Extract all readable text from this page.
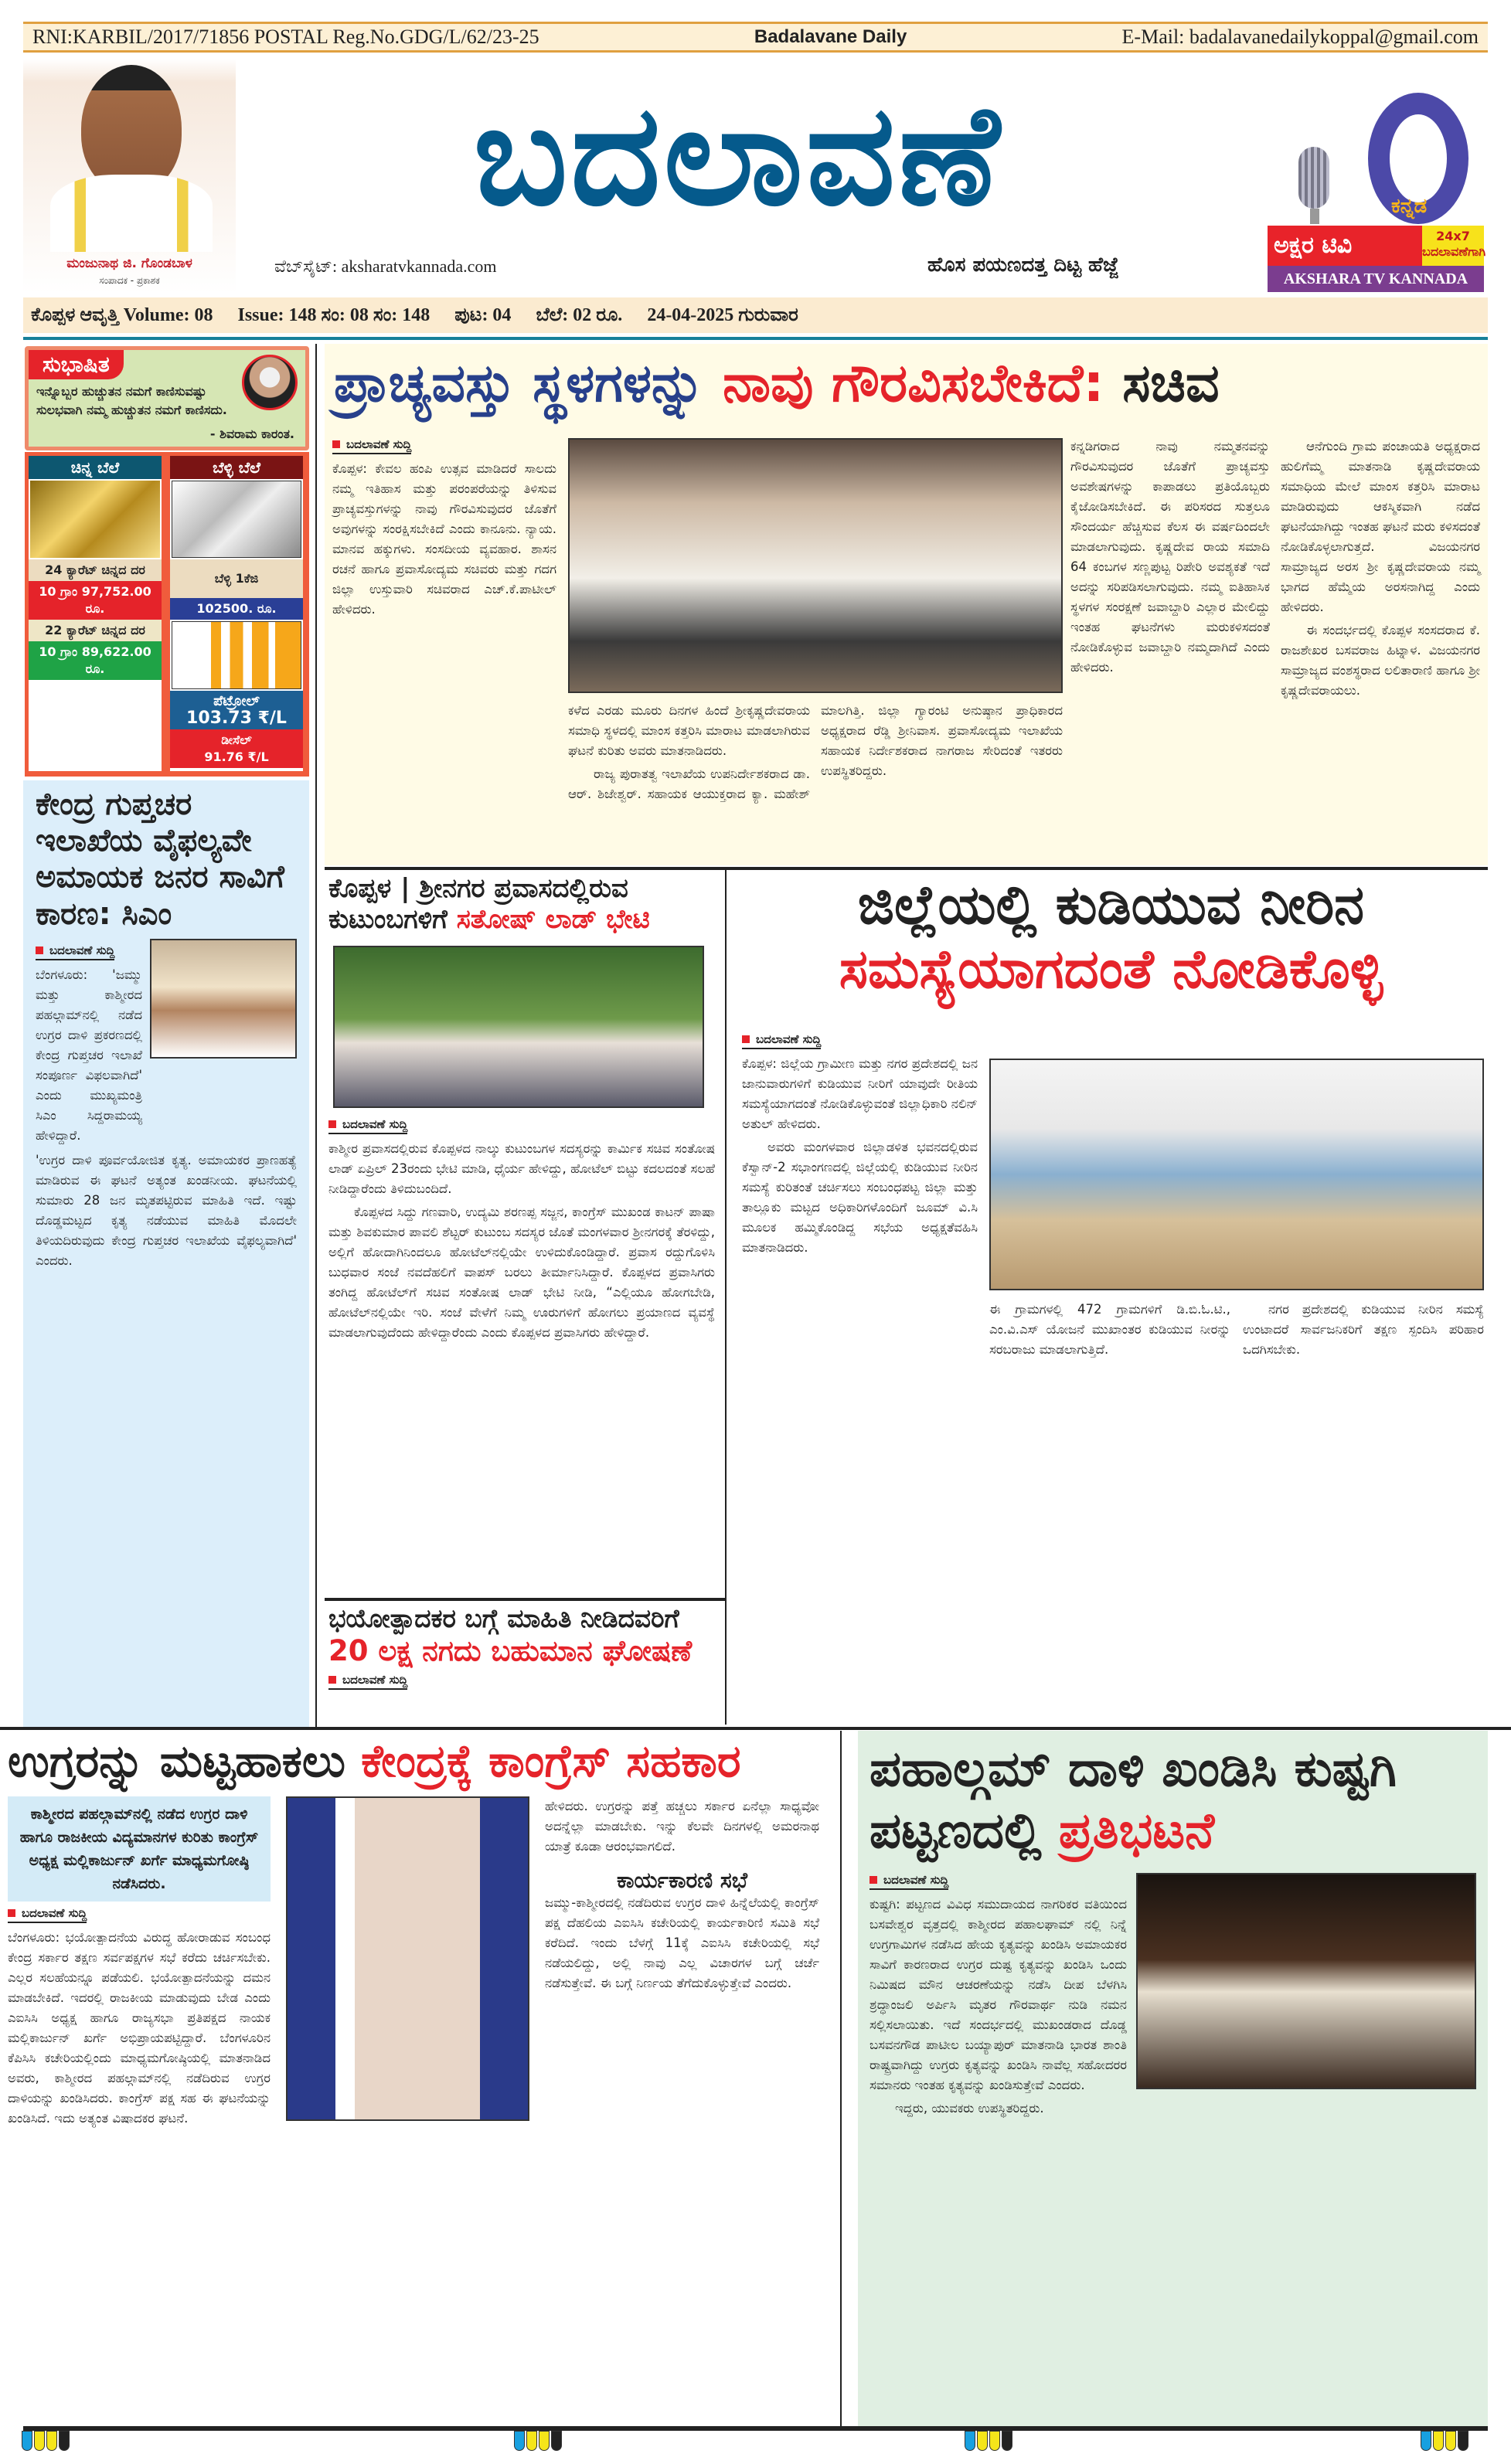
RNI:KARBIL/2017/71856 POSTAL Reg.No.GDG/L/62/23-25	Badalavane Daily	E-Mail: badalavanedailykoppal@gmail.com
ಮಂಜುನಾಥ ಜಿ. ಗೊಂಡಬಾಳ
ಸಂಪಾದಕ - ಪ್ರಕಾಶಕ
ಬದಲಾವಣೆ
ವೆಬ್‌ಸೈಟ್: aksharatvkannada.com	ಹೊಸ ಪಯಣದತ್ತ ದಿಟ್ಟ ಹೆಜ್ಜೆ
ಕನ್ನಡ
ಅಕ್ಷರ ಟಿವಿ	24x7 ಬದಲಾವಣೆಗಾಗಿ
AKSHARA TV KANNADA
ಕೊಪ್ಪಳ ಆವೃತ್ತಿ Volume: 08 Issue: 148 ಸಂ: 08 ಸಂ: 148 ಪುಟ: 04 ಬೆಲೆ: 02 ರೂ. 24-04-2025 ಗುರುವಾರ
ಸುಭಾಷಿತ
ಇನ್ನೊಬ್ಬರ ಹುಚ್ಚುತನ ನಮಗೆ ಕಾಣಿಸುವಷ್ಟು ಸುಲಭವಾಗಿ ನಮ್ಮ ಹುಚ್ಚುತನ ನಮಗೆ ಕಾಣಿಸದು.
- ಶಿವರಾಮ ಕಾರಂತ.
ಚಿನ್ನ ಬೆಲೆ
24 ಕ್ಯಾರೆಟ್ ಚಿನ್ನದ ದರ
10 ಗ್ರಾಂ 97,752.00 ರೂ.
22 ಕ್ಯಾರೆಟ್ ಚಿನ್ನದ ದರ
10 ಗ್ರಾಂ 89,622.00 ರೂ.
ಬೆಳ್ಳಿ ಬೆಲೆ
ಬೆಳ್ಳಿ 1ಕೆಜಿ
102500. ರೂ.
ಪೆಟ್ರೋಲ್
103.73 ₹/L
ಡೀಸೆಲ್
91.76 ₹/L
ಕೇಂದ್ರ ಗುಪ್ತಚರ ಇಲಾಖೆಯ ವೈಫಲ್ಯವೇ ಅಮಾಯಕ ಜನರ ಸಾವಿಗೆ ಕಾರಣ: ಸಿಎಂ
ಬದಲಾವಣೆ ಸುದ್ದಿ

ಬೆಂಗಳೂರು: 'ಜಮ್ಮು ಮತ್ತು ಕಾಶ್ಮೀರದ ಪಹಲ್ಗಾಮ್‌ನಲ್ಲಿ ನಡೆದ ಉಗ್ರರ ದಾಳಿ ಪ್ರಕರಣದಲ್ಲಿ ಕೇಂದ್ರ ಗುಪ್ತಚರ ಇಲಾಖೆ ಸಂಪೂರ್ಣ ವಿಫಲವಾಗಿದೆ' ಎಂದು ಮುಖ್ಯಮಂತ್ರಿ ಸಿಎಂ ಸಿದ್ದರಾಮಯ್ಯ ಹೇಳಿದ್ದಾರೆ.

'ಉಗ್ರರ ದಾಳಿ ಪೂರ್ವಯೋಜಿತ ಕೃತ್ಯ. ಅಮಾಯಕರ ಪ್ರಾಣಹತ್ಯೆ ಮಾಡಿರುವ ಈ ಘಟನೆ ಅತ್ಯಂತ ಖಂಡನೀಯ. ಘಟನೆಯಲ್ಲಿ ಸುಮಾರು 28 ಜನ ಮೃತಪಟ್ಟಿರುವ ಮಾಹಿತಿ ಇದೆ. ಇಷ್ಟು ದೊಡ್ಡಮಟ್ಟದ ಕೃತ್ಯ ನಡೆಯುವ ಮಾಹಿತಿ ಮೊದಲೇ ತಿಳಿಯದಿರುವುದು ಕೇಂದ್ರ ಗುಪ್ತಚರ ಇಲಾಖೆಯ ವೈಫಲ್ಯವಾಗಿದೆ' ಎಂದರು.

ಪ್ರಾಚ್ಯವಸ್ತು ಸ್ಥಳಗಳನ್ನು ನಾವು ಗೌರವಿಸಬೇಕಿದೆ: ಸಚಿವ
ಬದಲಾವಣೆ ಸುದ್ದಿ

ಕೊಪ್ಪಳ: ಕೇವಲ ಹಂಪಿ ಉತ್ಸವ ಮಾಡಿದರೆ ಸಾಲದು ನಮ್ಮ ಇತಿಹಾಸ ಮತ್ತು ಪರಂಪರೆಯನ್ನು ತಿಳಿಸುವ ಪ್ರಾಚ್ಯವಸ್ತುಗಳನ್ನು ನಾವು ಗೌರವಿಸುವುದರ ಜೊತೆಗೆ ಅವುಗಳನ್ನು ಸಂರಕ್ಷಿಸಬೇಕಿದೆ ಎಂದು ಕಾನೂನು. ನ್ಯಾಯ. ಮಾನವ ಹಕ್ಕುಗಳು. ಸಂಸದೀಯ ವ್ಯವಹಾರ. ಶಾಸನ ರಚನೆ ಹಾಗೂ ಪ್ರವಾಸೋದ್ಯಮ ಸಚಿವರು ಮತ್ತು ಗದಗ ಜಿಲ್ಲಾ ಉಸ್ತುವಾರಿ ಸಚಿವರಾದ ಎಚ್.ಕೆ.ಪಾಟೀಲ್ ಹೇಳಿದರು.

ಕಳೆದ ಎರಡು ಮೂರು ದಿನಗಳ ಹಿಂದೆ ಶ್ರೀಕೃಷ್ಣದೇವರಾಯ ಸಮಾಧಿ ಸ್ಥಳದಲ್ಲಿ ಮಾಂಸ ಕತ್ತರಿಸಿ ಮಾರಾಟ ಮಾಡಲಾಗಿರುವ ಘಟನೆ ಕುರಿತು ಅವರು ಮಾತನಾಡಿದರು.

ರಾಜ್ಯ ಪುರಾತತ್ವ ಇಲಾಖೆಯ ಉಪನಿರ್ದೇಶಕರಾದ ಡಾ. ಆರ್. ಶಿಜೇಶ್ವರ್. ಸಹಾಯಕ ಆಯುಕ್ತರಾದ ಕ್ಯಾ. ಮಹೇಶ್ ಮಾಲಗಿತ್ತಿ. ಜಿಲ್ಲಾ ಗ್ಯಾರಂಟಿ ಅನುಷ್ಠಾನ ಪ್ರಾಧಿಕಾರದ ಅಧ್ಯಕ್ಷರಾದ ರೆಡ್ಡಿ ಶ್ರೀನಿವಾಸ. ಪ್ರವಾಸೋದ್ಯಮ ಇಲಾಖೆಯ ಸಹಾಯಕ ನಿರ್ದೇಶಕರಾದ ನಾಗರಾಜ ಸೇರಿದಂತೆ ಇತರರು ಉಪಸ್ಥಿತರಿದ್ದರು.

ಕನ್ನಡಿಗರಾದ ನಾವು ನಮ್ಮತನವನ್ನು ಗೌರವಿಸುವುದರ ಜೊತೆಗೆ ಪ್ರಾಚ್ಯವಸ್ತು ಅವಶೇಷಗಳನ್ನು ಕಾಪಾಡಲು ಪ್ರತಿಯೊಬ್ಬರು ಕೈಜೋಡಿಸಬೇಕಿದೆ. ಈ ಪರಿಸರದ ಸುತ್ತಲೂ ಸೌಂದರ್ಯ ಹೆಚ್ಚಿಸುವ ಕೆಲಸ ಈ ವರ್ಷದಿಂದಲೇ ಮಾಡಲಾಗುವುದು. ಕೃಷ್ಣದೇವ ರಾಯ ಸಮಾದಿ 64 ಕಂಬಗಳ ಸಣ್ಣಪುಟ್ಟ ರಿಪೇರಿ ಅವಶ್ಯಕತೆ ಇದೆ ಅದನ್ನು ಸರಿಪಡಿಸಲಾಗುವುದು. ನಮ್ಮ ಐತಿಹಾಸಿಕ ಸ್ಥಳಗಳ ಸಂರಕ್ಷಣೆ ಜವಾಬ್ದಾರಿ ಎಲ್ಲಾರ ಮೇಲಿದ್ದು ಇಂತಹ ಘಟನೆಗಳು ಮರುಕಳಿಸದಂತೆ ನೋಡಿಕೊಳ್ಳುವ ಜವಾಬ್ದಾರಿ ನಮ್ಮದಾಗಿದೆ ಎಂದು ಹೇಳಿದರು.

ಆನೆಗುಂದಿ ಗ್ರಾಮ ಪಂಚಾಯತಿ ಅಧ್ಯಕ್ಷರಾದ ಹುಲಿಗೆಮ್ಮ ಮಾತನಾಡಿ ಕೃಷ್ಣದೇವರಾಯ ಸಮಾಧಿಯ ಮೇಲೆ ಮಾಂಸ ಕತ್ತರಿಸಿ ಮಾರಾಟ ಮಾಡಿರುವುದು ಆಕಸ್ಮಿಕವಾಗಿ ನಡೆದ ಘಟನೆಯಾಗಿದ್ದು ಇಂತಹ ಘಟನೆ ಮರು ಕಳಿಸದಂತೆ ನೋಡಿಕೊಳ್ಳಲಾಗುತ್ತದೆ. ವಿಜಯನಗರ ಸಾಮ್ರಾಜ್ಯದ ಅರಸ ಶ್ರೀ ಕೃಷ್ಣದೇವರಾಯ ನಮ್ಮ ಭಾಗದ ಹೆಮ್ಮೆಯ ಅರಸನಾಗಿದ್ದ ಎಂದು ಹೇಳಿದರು.

ಈ ಸಂದರ್ಭದಲ್ಲಿ ಕೊಪ್ಪಳ ಸಂಸದರಾದ ಕೆ. ರಾಜಶೇಖರ ಬಸವರಾಜ ಹಿಟ್ನಾಳ. ವಿಜಯನಗರ ಸಾಮ್ರಾಜ್ಯದ ವಂಶಸ್ಥರಾದ ಲಲಿತಾರಾಣಿ ಹಾಗೂ ಶ್ರೀ ಕೃಷ್ಣದೇವರಾಯಲು.

ಕೊಪ್ಪಳ | ಶ್ರೀನಗರ ಪ್ರವಾಸದಲ್ಲಿರುವ ಕುಟುಂಬಗಳಿಗೆ ಸತೋಷ್ ಲಾಡ್ ಭೇಟಿ
ಬದಲಾವಣೆ ಸುದ್ದಿ

ಕಾಶ್ಮೀರ ಪ್ರವಾಸದಲ್ಲಿರುವ ಕೊಪ್ಪಳದ ನಾಲ್ಕು ಕುಟುಂಬಗಳ ಸದಸ್ಯರನ್ನು ಕಾರ್ಮಿಕ ಸಚಿವ ಸಂತೋಷ ಲಾಡ್ ಏಪ್ರಿಲ್ 23ರಂದು ಭೇಟಿ ಮಾಡಿ, ಧೈರ್ಯ ಹೇಳಿದ್ದು, ಹೋಟೆಲ್ ಬಿಟ್ಟು ಕದಲದಂತೆ ಸಲಹೆ ನೀಡಿದ್ದಾರೆಂದು ತಿಳಿದುಬಂದಿದೆ.

ಕೊಪ್ಪಳದ ಸಿದ್ದು ಗಣವಾರಿ, ಉದ್ಯಮಿ ಶರಣಪ್ಪ ಸಜ್ಜನ, ಕಾಂಗ್ರೆಸ್ ಮುಖಂಡ ಕಾಟನ್ ಪಾಷಾ ಮತ್ತು ಶಿವಕುಮಾರ ಪಾವಲಿ ಶೆಟ್ಟರ್ ಕುಟುಂಬ ಸದಸ್ಯರ ಜೊತೆ ಮಂಗಳವಾರ ಶ್ರೀನಗರಕ್ಕೆ ತೆರಳಿದ್ದು, ಅಲ್ಲಿಗೆ ಹೋದಾಗಿನಿಂದಲೂ ಹೋಟೆಲ್‌ನಲ್ಲಿಯೇ ಉಳಿದುಕೊಂಡಿದ್ದಾರೆ. ಪ್ರವಾಸ ರದ್ದುಗೊಳಿಸಿ ಬುಧವಾರ ಸಂಜೆ ನವದೆಹಲಿಗೆ ವಾಪಸ್ ಬರಲು ತೀರ್ಮಾನಿಸಿದ್ದಾರೆ. ಕೊಪ್ಪಳದ ಪ್ರವಾಸಿಗರು ತಂಗಿದ್ದ ಹೋಟೆಲ್‌ಗೆ ಸಚಿವ ಸಂತೋಷ ಲಾಡ್ ಭೇಟಿ ನೀಡಿ, “ಎಲ್ಲಿಯೂ ಹೋಗಬೇಡಿ, ಹೋಟೆಲ್‌ನಲ್ಲಿಯೇ ಇರಿ. ಸಂಜೆ ವೇಳೆಗೆ ನಿಮ್ಮ ಊರುಗಳಿಗೆ ಹೋಗಲು ಪ್ರಯಾಣದ ವ್ಯವಸ್ಥೆ ಮಾಡಲಾಗುವುದೆಂದು ಹೇಳಿದ್ದಾರೆಂದು ಎಂದು ಕೊಪ್ಪಳದ ಪ್ರವಾಸಿಗರು ಹೇಳಿದ್ದಾರೆ.

ಭಯೋತ್ಪಾದಕರ ಬಗ್ಗೆ ಮಾಹಿತಿ ನೀಡಿದವರಿಗೆ
20 ಲಕ್ಷ ನಗದು ಬಹುಮಾನ ಘೋಷಣೆ
ಬದಲಾವಣೆ ಸುದ್ದಿ
ಜಿಲ್ಲೆಯಲ್ಲಿ ಕುಡಿಯುವ ನೀರಿನ
ಸಮಸ್ಯೆಯಾಗದಂತೆ ನೋಡಿಕೊಳ್ಳಿ
ಬದಲಾವಣೆ ಸುದ್ದಿ

ಕೊಪ್ಪಳ: ಜಿಲ್ಲೆಯ ಗ್ರಾಮೀಣ ಮತ್ತು ನಗರ ಪ್ರದೇಶದಲ್ಲಿ ಜನ ಜಾನುವಾರುಗಳಿಗೆ ಕುಡಿಯುವ ನೀರಿಗೆ ಯಾವುದೇ ರೀತಿಯ ಸಮಸ್ಯೆಯಾಗದಂತೆ ನೋಡಿಕೊಳ್ಳುವಂತೆ ಜಿಲ್ಲಾಧಿಕಾರಿ ನಲಿನ್ ಅತುಲ್ ಹೇಳಿದರು.

ಅವರು ಮಂಗಳವಾರ ಜಿಲ್ಲಾಡಳಿತ ಭವನದಲ್ಲಿರುವ ಕೆಸ್ವಾನ್-2 ಸಭಾಂಗಣದಲ್ಲಿ ಜಿಲ್ಲೆಯಲ್ಲಿ ಕುಡಿಯುವ ನೀರಿನ ಸಮಸ್ಯೆ ಕುರಿತಂತೆ ಚರ್ಚಿಸಲು ಸಂಬಂಧಪಟ್ಟ ಜಿಲ್ಲಾ ಮತ್ತು ತಾಲ್ಲೂಕು ಮಟ್ಟದ ಅಧಿಕಾರಿಗಳೊಂದಿಗೆ ಜೂಮ್ ವಿ.ಸಿ ಮೂಲಕ ಹಮ್ಮಿಕೊಂಡಿದ್ದ ಸಭೆಯ ಅಧ್ಯಕ್ಷತೆವಹಿಸಿ ಮಾತನಾಡಿದರು.

ಈ ಗ್ರಾಮಗಳಲ್ಲಿ 472 ಗ್ರಾಮಗಳಿಗೆ ಡಿ.ಬಿ.ಓ.ಟಿ., ಎಂ.ವಿ.ಎಸ್ ಯೋಜನೆ ಮುಖಾಂತರ ಕುಡಿಯುವ ನೀರನ್ನು ಸರಬರಾಜು ಮಾಡಲಾಗುತ್ತಿದೆ.

ನಗರ ಪ್ರದೇಶದಲ್ಲಿ ಕುಡಿಯುವ ನೀರಿನ ಸಮಸ್ಯೆ ಉಂಟಾದರೆ ಸಾರ್ವಜನಿಕರಿಗೆ ತಕ್ಷಣ ಸ್ಪಂದಿಸಿ ಪರಿಹಾರ ಒದಗಿಸಬೇಕು.

ಉಗ್ರರನ್ನು ಮಟ್ಟಹಾಕಲು ಕೇಂದ್ರಕ್ಕೆ ಕಾಂಗ್ರೆಸ್ ಸಹಕಾರ
ಕಾಶ್ಮೀರದ ಪಹಲ್ಗಾಮ್‌ನಲ್ಲಿ ನಡೆದ ಉಗ್ರರ ದಾಳಿ ಹಾಗೂ ರಾಜಕೀಯ ವಿದ್ಯಮಾನಗಳ ಕುರಿತು ಕಾಂಗ್ರೆಸ್ ಅಧ್ಯಕ್ಷ ಮಲ್ಲಿಕಾರ್ಜುನ್ ಖರ್ಗೆ ಮಾಧ್ಯಮಗೋಷ್ಠಿ ನಡೆಸಿದರು.
ಬದಲಾವಣೆ ಸುದ್ದಿ

ಬೆಂಗಳೂರು: ಭಯೋತ್ಪಾದನೆಯ ವಿರುದ್ಧ ಹೋರಾಡುವ ಸಂಬಂಧ ಕೇಂದ್ರ ಸರ್ಕಾರ ತಕ್ಷಣ ಸರ್ವಪಕ್ಷಗಳ ಸಭೆ ಕರೆದು ಚರ್ಚಿಸಬೇಕು. ಎಲ್ಲರ ಸಲಹೆಯನ್ನೂ ಪಡೆಯಲಿ. ಭಯೋತ್ಪಾದನೆಯನ್ನು ದಮನ ಮಾಡಬೇಕಿದೆ. ಇದರಲ್ಲಿ ರಾಜಕೀಯ ಮಾಡುವುದು ಬೇಡ ಎಂದು ಎಐಸಿಸಿ ಅಧ್ಯಕ್ಷ ಹಾಗೂ ರಾಜ್ಯಸಭಾ ಪ್ರತಿಪಕ್ಷದ ನಾಯಕ ಮಲ್ಲಿಕಾರ್ಜುನ್ ಖರ್ಗೆ ಅಭಿಪ್ರಾಯಪಟ್ಟಿದ್ದಾರೆ. ಬೆಂಗಳೂರಿನ ಕೆಪಿಸಿಸಿ ಕಚೇರಿಯಲ್ಲಿಂದು ಮಾಧ್ಯಮಗೋಷ್ಠಿಯಲ್ಲಿ ಮಾತನಾಡಿದ ಅವರು, ಕಾಶ್ಮೀರದ ಪಹಲ್ಗಾಮ್‌ನಲ್ಲಿ ನಡೆದಿರುವ ಉಗ್ರರ ದಾಳಿಯನ್ನು ಖಂಡಿಸಿದರು. ಕಾಂಗ್ರೆಸ್ ಪಕ್ಷ ಸಹ ಈ ಘಟನೆಯನ್ನು ಖಂಡಿಸಿದೆ. ಇದು ಅತ್ಯಂತ ವಿಷಾದಕರ ಘಟನೆ.

ಹೇಳಿದರು. ಉಗ್ರರನ್ನು ಪತ್ತೆ ಹಚ್ಚಲು ಸರ್ಕಾರ ಏನೆಲ್ಲಾ ಸಾಧ್ಯವೋ ಅದನ್ನೆಲ್ಲಾ ಮಾಡಬೇಕು. ಇನ್ನು ಕೆಲವೇ ದಿನಗಳಲ್ಲಿ ಅಮರನಾಥ ಯಾತ್ರೆ ಕೂಡಾ ಆರಂಭವಾಗಲಿದೆ.

ಕಾರ್ಯಕಾರಣಿ ಸಭೆ

ಜಮ್ಮು-ಕಾಶ್ಮೀರದಲ್ಲಿ ನಡೆದಿರುವ ಉಗ್ರರ ದಾಳಿ ಹಿನ್ನೆಲೆಯಲ್ಲಿ ಕಾಂಗ್ರೆಸ್ ಪಕ್ಷ ದೆಹಲಿಯ ಎಐಸಿಸಿ ಕಚೇರಿಯಲ್ಲಿ ಕಾರ್ಯಕಾರಿಣಿ ಸಮಿತಿ ಸಭೆ ಕರೆದಿದೆ. ಇಂದು ಬೆಳಗ್ಗೆ 11ಕ್ಕೆ ಎಐಸಿಸಿ ಕಚೇರಿಯಲ್ಲಿ ಸಭೆ ನಡೆಯಲಿದ್ದು, ಅಲ್ಲಿ ನಾವು ಎಲ್ಲ ವಿಚಾರಗಳ ಬಗ್ಗೆ ಚರ್ಚೆ ನಡೆಸುತ್ತೇವೆ. ಈ ಬಗ್ಗೆ ನಿರ್ಣಯ ತೆಗೆದುಕೊಳ್ಳುತ್ತೇವೆ ಎಂದರು.

ಪಹಾಲ್ಗಮ್ ದಾಳಿ ಖಂಡಿಸಿ ಕುಷ್ಟಗಿ ಪಟ್ಟಣದಲ್ಲಿ ಪ್ರತಿಭಟನೆ
ಬದಲಾವಣೆ ಸುದ್ದಿ

ಕುಷ್ಟಗಿ: ಪಟ್ಟಣದ ವಿವಿಧ ಸಮುದಾಯದ ನಾಗರಿಕರ ವತಿಯಿಂದ ಬಸವೇಶ್ವರ ವೃತ್ತದಲ್ಲಿ ಕಾಶ್ಮೀರದ ಪಹಾಲಘಾಮ್ ನಲ್ಲಿ ನಿನ್ನೆ ಉಗ್ರಗಾಮಿಗಳ ನಡೆಸಿದ ಹೇಯ ಕೃತ್ಯವನ್ನು ಖಂಡಿಸಿ ಅಮಾಯಕರ ಸಾವಿಗೆ ಕಾರಣರಾದ ಉಗ್ರರ ದುಷ್ಟ ಕೃತ್ಯವನ್ನು ಖಂಡಿಸಿ ಒಂದು ನಿಮಿಷದ ಮೌನ ಆಚರಣೆಯನ್ನು ನಡೆಸಿ ದೀಪ ಬೆಳಗಿಸಿ ಶ್ರದ್ಧಾಂಜಲಿ ಅರ್ಪಿಸಿ ಮೃತರ ಗೌರವಾರ್ಥ ನುಡಿ ನಮನ ಸಲ್ಲಿಸಲಾಯಿತು. ಇದೆ ಸಂದರ್ಭದಲ್ಲಿ ಮುಖಂಡರಾದ ದೊಡ್ಡ ಬಸವನಗೌಡ ಪಾಟೀಲ ಬಯ್ಯಾಪುರ್ ಮಾತನಾಡಿ ಭಾರತ ಶಾಂತಿ ರಾಷ್ಟ್ರವಾಗಿದ್ದು ಉಗ್ರರು ಕೃತ್ಯವನ್ನು ಖಂಡಿಸಿ ನಾವೆಲ್ಲ ಸಹೋದರರ ಸಮಾನರು ಇಂತಹ ಕೃತ್ಯವನ್ನು ಖಂಡಿಸುತ್ತೇವೆ ಎಂದರು.

ಇದ್ದರು, ಯುವಕರು ಉಪಸ್ಥಿತರಿದ್ದರು.
